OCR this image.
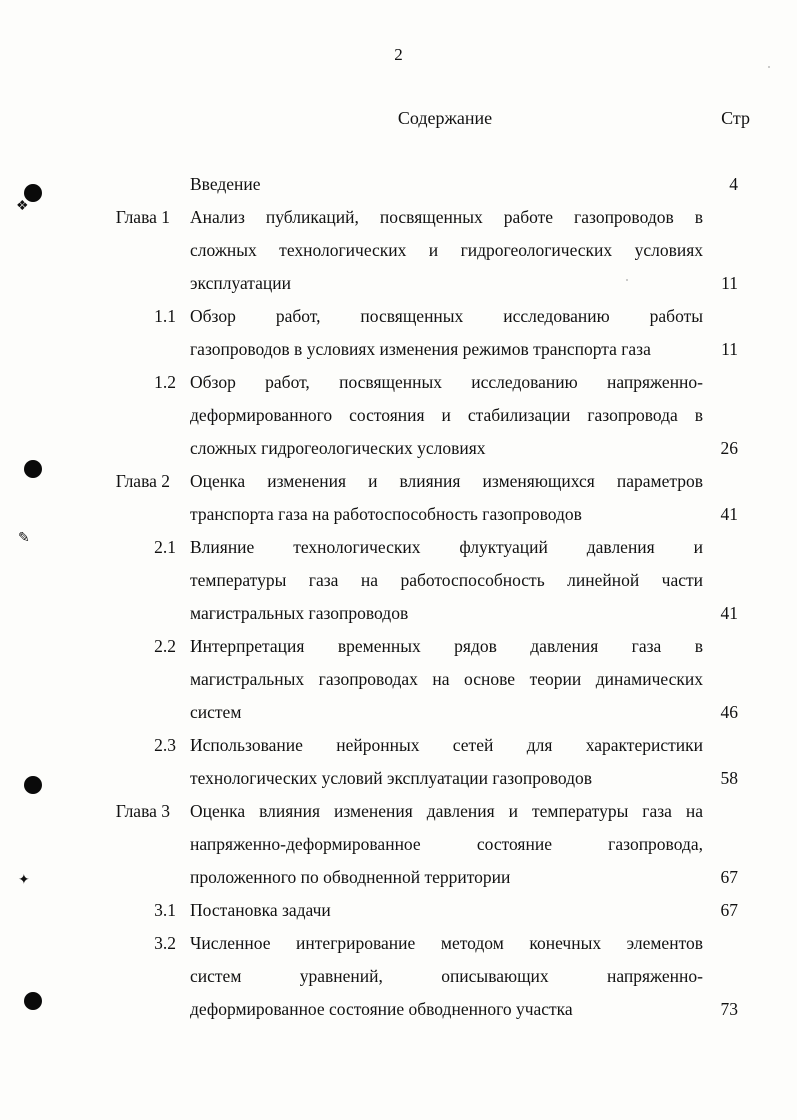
2
Содержание	Стр
Введение	4
Глава 1 Анализ публикаций, посвященных работе газопроводов в
сложных технологических и гидрогеологических условиях
эксплуатации	11
1.1 Обзор работ, посвященных исследованию работы
газопроводов в условиях изменения режимов транспорта газа	11
1.2 Обзор работ, посвященных исследованию напряженно-
деформированного состояния и стабилизации газопровода в
сложных гидрогеологических условиях	26
Глава 2 Оценка изменения и влияния изменяющихся параметров
транспорта газа на работоспособность газопроводов	41
2.1 Влияние технологических флуктуаций давления и
температуры газа на работоспособность линейной части
магистральных газопроводов	41
2.2 Интерпретация временных рядов давления газа в
магистральных газопроводах на основе теории динамических
систем	46
2.3 Использование нейронных сетей для характеристики
технологических условий эксплуатации газопроводов	58
Глава 3 Оценка влияния изменения давления и температуры газа на
напряженно-деформированное состояние газопровода,
проложенного по обводненной территории	67
3.1 Постановка задачи	67
3.2 Численное интегрирование методом конечных элементов
систем уравнений, описывающих напряженно-
деформированное состояние обводненного участка	73
❖
✎
✦
